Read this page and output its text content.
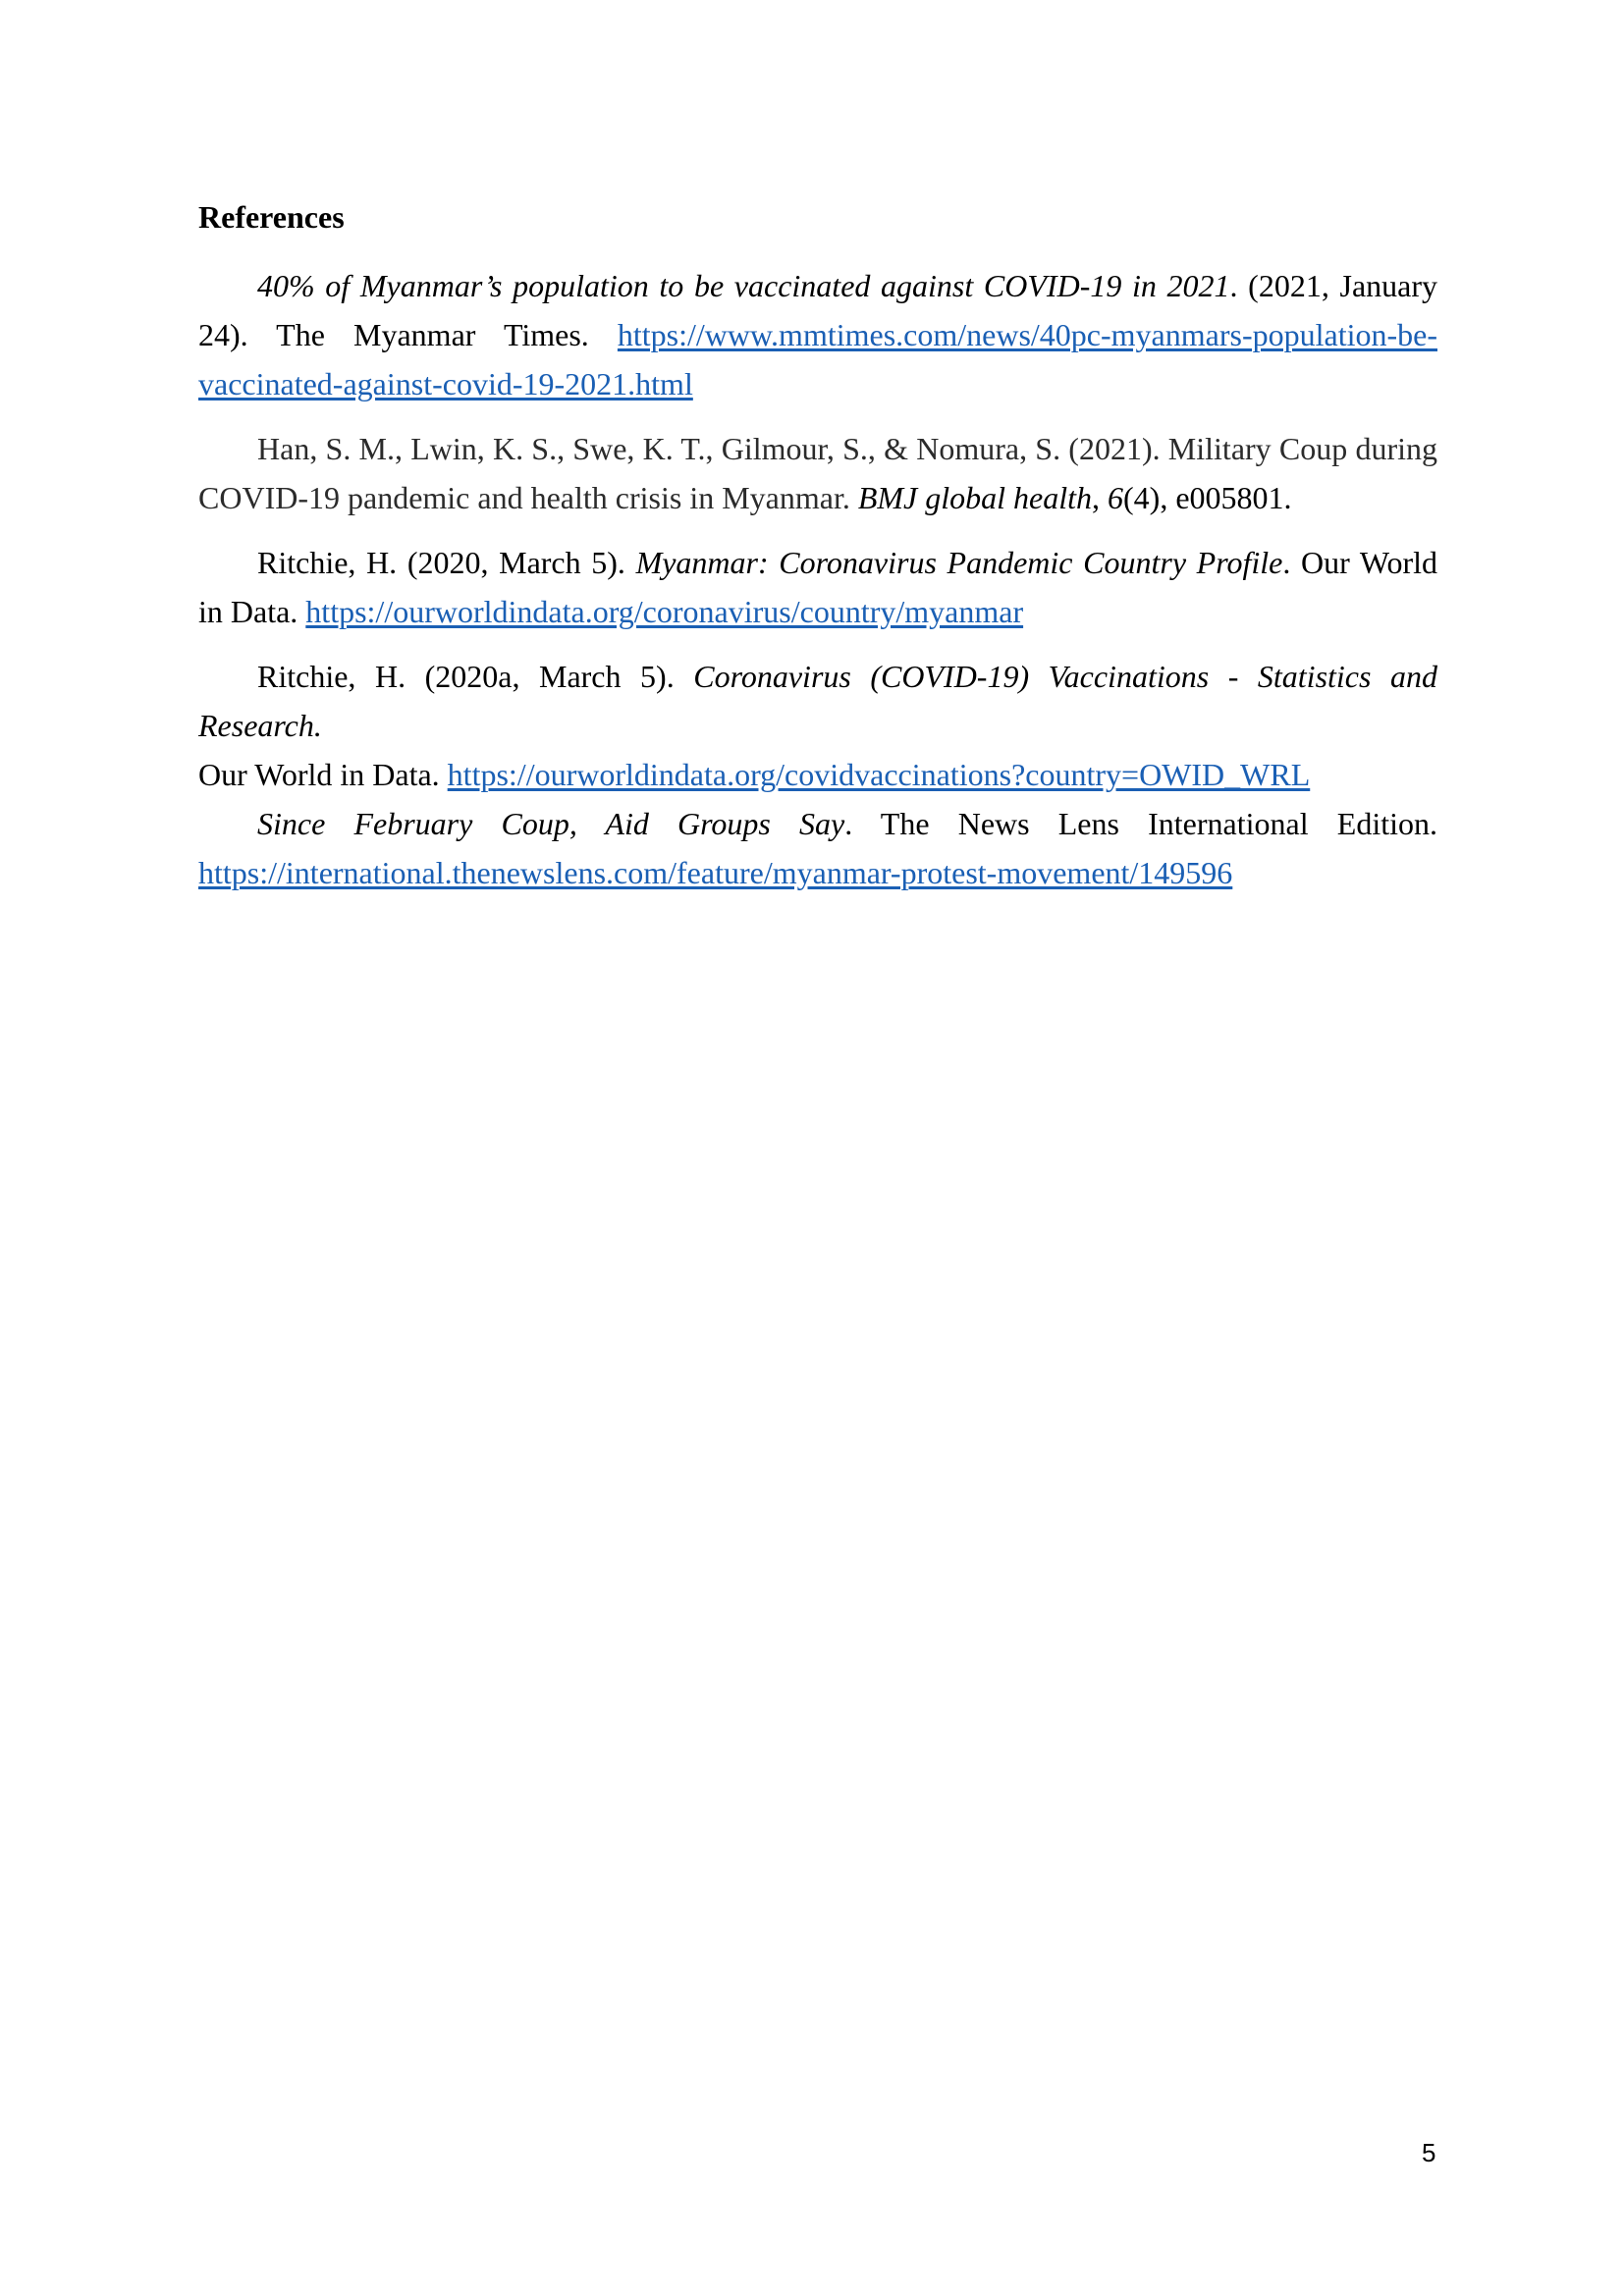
References

40% of Myanmar’s population to be vaccinated against COVID-19 in 2021. (2021, January 24). The Myanmar Times. https://www.mmtimes.com/news/40pc-myanmars-population-be-vaccinated-against-covid-19-2021.html

Han, S. M., Lwin, K. S., Swe, K. T., Gilmour, S., & Nomura, S. (2021). Military Coup during COVID-19 pandemic and health crisis in Myanmar. BMJ global health, 6(4), e005801.

Ritchie, H. (2020, March 5). Myanmar: Coronavirus Pandemic Country Profile. Our World in Data. https://ourworldindata.org/coronavirus/country/myanmar

Ritchie, H. (2020a, March 5). Coronavirus (COVID-19) Vaccinations - Statistics and Research.

Our World in Data. https://ourworldindata.org/covidvaccinations?country=OWID_WRL

Since February Coup, Aid Groups Say. The News Lens International Edition. https://international.thenewslens.com/feature/myanmar-protest-movement/149596

5
